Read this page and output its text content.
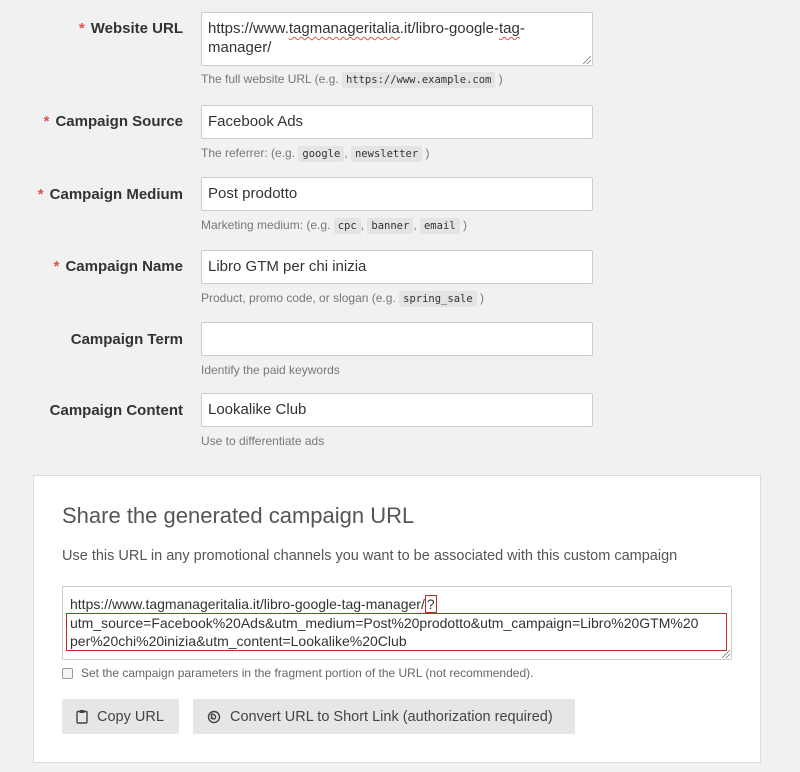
* Website URL	https://www.tagmanageritalia.it/libro-google-tag-manager/
The full website URL (e.g. https://www.example.com )
* Campaign Source	Facebook Ads
The referrer: (e.g. google , newsletter )
* Campaign Medium	Post prodotto
Marketing medium: (e.g. cpc , banner , email )
* Campaign Name	Libro GTM per chi inizia
Product, promo code, or slogan (e.g. spring_sale )
Campaign Term
Identify the paid keywords
Campaign Content	Lookalike Club
Use to differentiate ads
Share the generated campaign URL
Use this URL in any promotional channels you want to be associated with this custom campaign
https://www.tagmanageritalia.it/libro-google-tag-manager/ ?
utm_source=Facebook%20Ads&utm_medium=Post%20prodotto&utm_campaign=Libro%20GTM%20
per%20chi%20inizia&utm_content=Lookalike%20Club
Set the campaign parameters in the fragment portion of the URL (not recommended).
Copy URL	Convert URL to Short Link (authorization required)
